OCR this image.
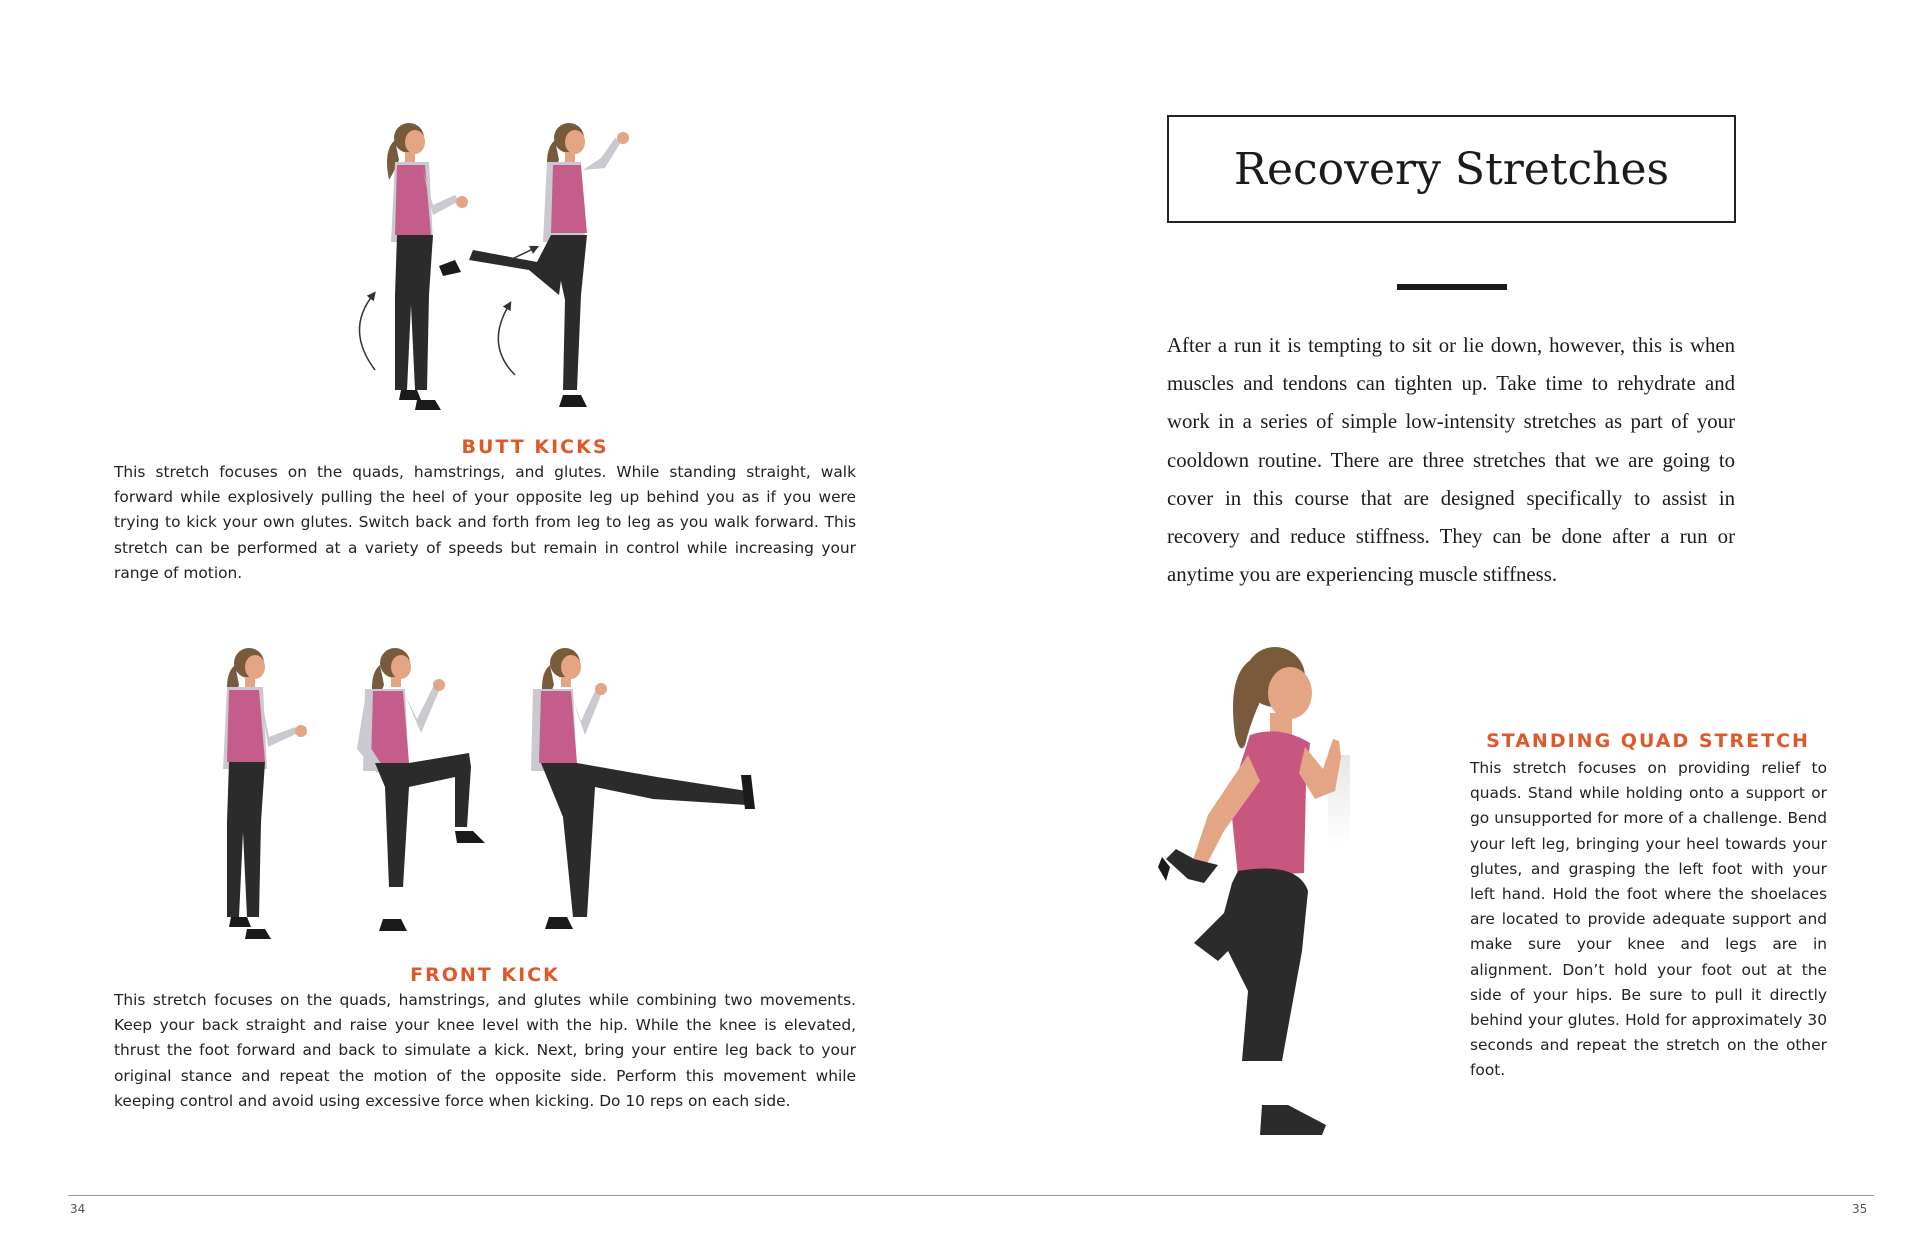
BUTT KICKS
This stretch focuses on the quads, hamstrings, and glutes. While standing straight, walk forward while explosively pulling the heel of your opposite leg up behind you as if you were trying to kick your own glutes. Switch back and forth from leg to leg as you walk forward. This stretch can be performed at a variety of speeds but remain in control while increasing your range of motion.
FRONT KICK
This stretch focuses on the quads, hamstrings, and glutes while combining two movements. Keep your back straight and raise your knee level with the hip. While the knee is elevated, thrust the foot forward and back to simulate a kick. Next, bring your entire leg back to your original stance and repeat the motion of the opposite side. Perform this movement while keeping control and avoid using excessive force when kicking. Do 10 reps on each side.
Recovery Stretches
After a run it is tempting to sit or lie down, however, this is when muscles and tendons can tighten up. Take time to rehydrate and work in a series of simple low-intensity stretches as part of your cooldown routine. There are three stretches that we are going to cover in this course that are designed specifically to assist in recovery and reduce stiffness. They can be done after a run or anytime you are experiencing muscle stiffness.
STANDING QUAD STRETCH
This stretch focuses on providing relief to quads. Stand while holding onto a support or go unsupported for more of a challenge. Bend your left leg, bringing your heel towards your glutes, and grasping the left foot with your left hand. Hold the foot where the shoelaces are located to provide adequate support and make sure your knee and legs are in alignment. Don’t hold your foot out at the side of your hips. Be sure to pull it directly behind your glutes. Hold for approximately 30 seconds and repeat the stretch on the other foot.
34	35
